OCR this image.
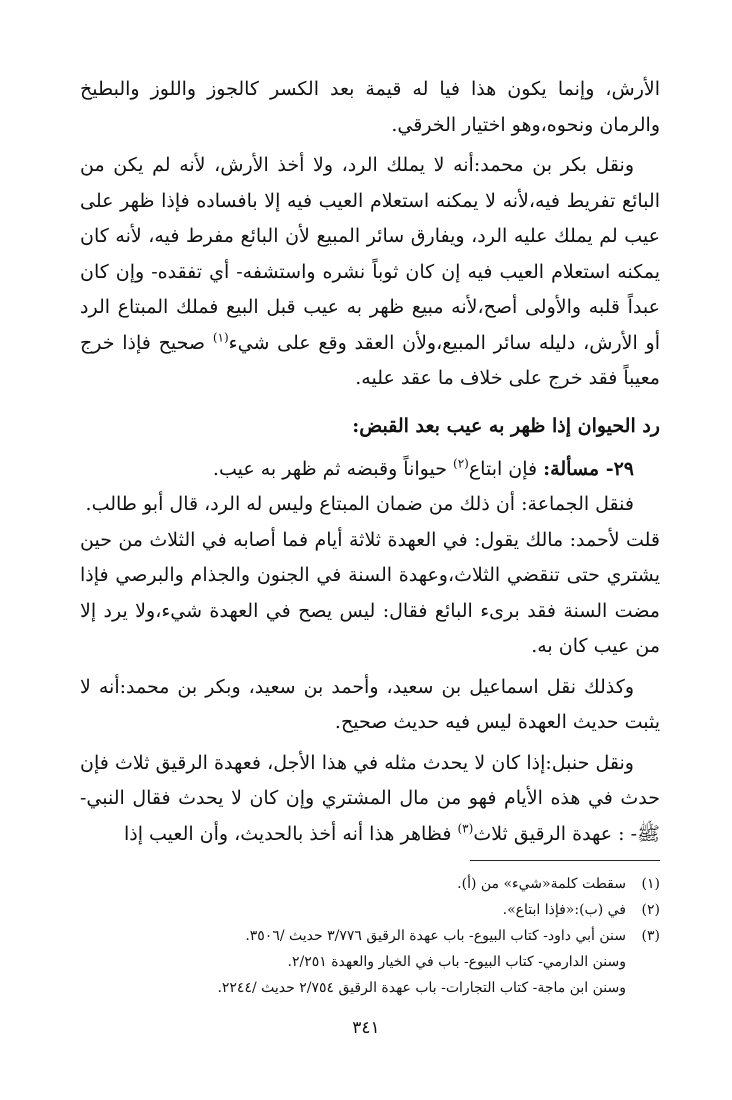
الأرش، وإنما يكون هذا فيا له قيمة بعد الكسر كالجوز واللوز والبطيخ والرمان ونحوه،وهو اختيار الخرقي.

ونقل بكر بن محمد:أنه لا يملك الرد، ولا أخذ الأرش، لأنه لم يكن من البائع تفريط فيه،لأنه لا يمكنه استعلام العيب فيه إلا بافساده فإذا ظهر على عيب لم يملك عليه الرد، ويفارق سائر المبيع لأن البائع مفرط فيه، لأنه كان يمكنه استعلام العيب فيه إن كان ثوباً نشره واستشفه- أي تفقده- وإن كان عبداً قلبه والأولى أصح،لأنه مبيع ظهر به عيب قبل البيع فملك المبتاع الرد أو الأرش، دليله سائر المبيع،ولأن العقد وقع على شيء$^{(١)}$ صحيح فإذا خرج معيباً فقد خرج على خلاف ما عقد عليه.

رد الحيوان إذا ظهر به عيب بعد القبض:

٢٩- مسألة: فإن ابتاع$^{(٢)}$ حيواناً وقبضه ثم ظهر به عيب.

فنقل الجماعة: أن ذلك من ضمان المبتاع وليس له الرد، قال أبو طالب.

قلت لأحمد: مالك يقول: في العهدة ثلاثة أيام فما أصابه في الثلاث من حين يشتري حتى تنقضي الثلاث،وعهدة السنة في الجنون والجذام والبرصي فإذا مضت السنة فقد برىء البائع فقال: ليس يصح في العهدة شيء،ولا يرد إلا من عيب كان به.

وكذلك نقل اسماعيل بن سعيد، وأحمد بن سعيد، وبكر بن محمد:أنه لا يثبت حديث العهدة ليس فيه حديث صحيح.

ونقل حنبل:إذا كان لا يحدث مثله في هذا الأجل، فعهدة الرقيق ثلاث فإن حدث في هذه الأيام فهو من مال المشتري وإن كان لا يحدث فقال النبي- ﷺ- : عهدة الرقيق ثلاث$^{(٣)}$ فظاهر هذا أنه أخذ بالحديث، وأن العيب إذا

(١)
سقطت كلمة«شيء» من (أ).
(٢)
في (ب):«فإذا ابتاع».
(٣)
سنن أبي داود- كتاب البيوع- باب عهدة الرقيق ٣/٧٧٦ حديث /٣٥٠٦.
وسنن الدارمي- كتاب البيوع- باب في الخيار والعهدة ٢/٢٥١.
وسنن ابن ماجة- كتاب التجارات- باب عهدة الرقيق ٢/٧٥٤ حديث /٢٢٤٤.
٣٤١
